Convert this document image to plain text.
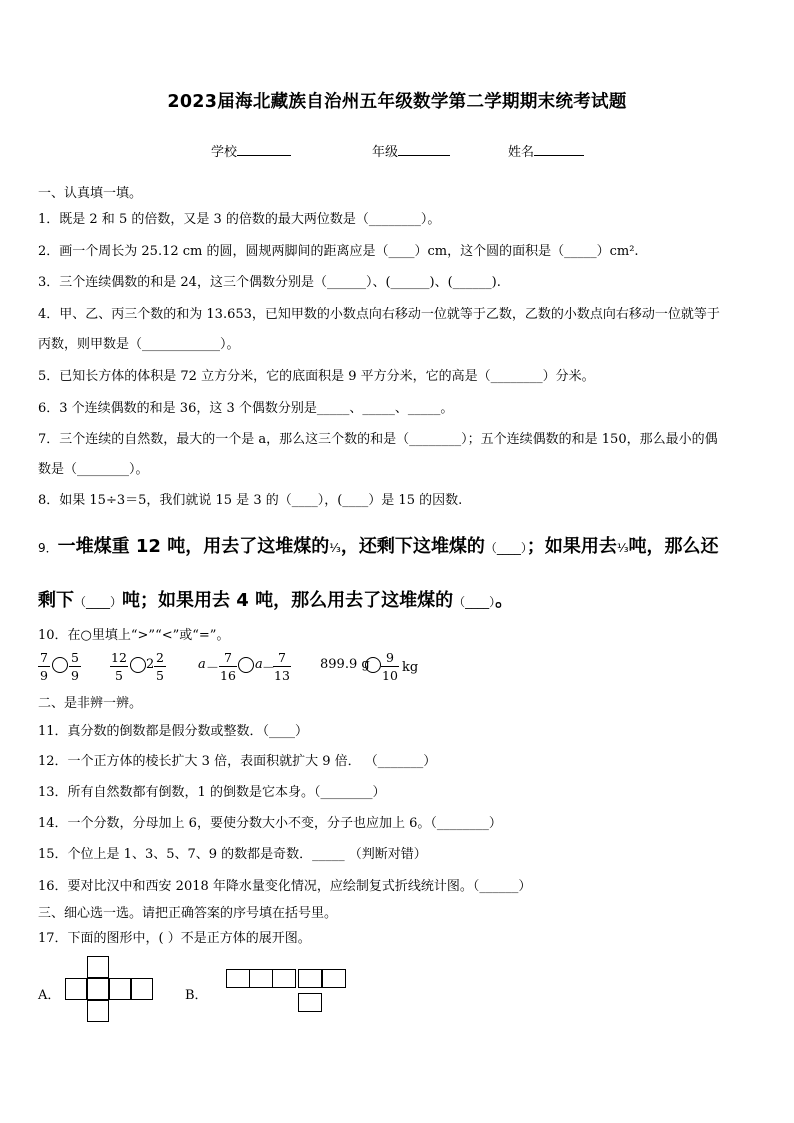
2023届海北藏族自治州五年级数学第二学期期末统考试题
学校	年级	姓名
一、认真填一填。
1．既是 2 和 5 的倍数，又是 3 的倍数的最大两位数是（________）。
2．画一个周长为 25.12 cm 的圆，圆规两脚间的距离应是（____）cm，这个圆的面积是（_____）cm².
3．三个连续偶数的和是 24，这三个偶数分别是（______）、(______)、(______).
4．甲、乙、丙三个数的和为 13.653，已知甲数的小数点向右移动一位就等于乙数，乙数的小数点向右移动一位就等于
丙数，则甲数是（____________）。
5．已知长方体的体积是 72 立方分米，它的底面积是 9 平方分米，它的高是（________）分米。
6．3 个连续偶数的和是 36，这 3 个偶数分别是_____、_____、_____。
7．三个连续的自然数，最大的一个是 a，那么这三个数的和是（________）；五个连续偶数的和是 150，那么最小的偶
数是（________）。
8．如果 15÷3＝5，我们就说 15 是 3 的（____），(____）是 15 的因数.
9．一堆煤重 12 吨，用去了这堆煤的¹⁄₃，还剩下这堆煤的（____）；如果用去¹⁄₃吨，那么还
剩下（____）吨；如果用去 4 吨，那么用去了这堆煤的（____）。
10．在○里填上“>”“<”或“=”。
7
9
5
9
12
5
2 2
5
a －
7
16
a －
7
13
899.9 g	9
10
kg
二、是非辨一辨。
11．真分数的倒数都是假分数或整数．（____）
12．一个正方体的棱长扩大 3 倍，表面积就扩大 9 倍． （_______）
13．所有自然数都有倒数，1 的倒数是它本身。（________）
14．一个分数，分母加上 6，要使分数大小不变，分子也应加上 6。（________）
15．个位上是 1、3、5、7、9 的数都是奇数．_____ （判断对错）
16．要对比汉中和西安 2018 年降水量变化情况，应绘制复式折线统计图。（______）
三、细心选一选。请把正确答案的序号填在括号里。
17．下面的图形中，( ）不是正方体的展开图。
A．	B．
